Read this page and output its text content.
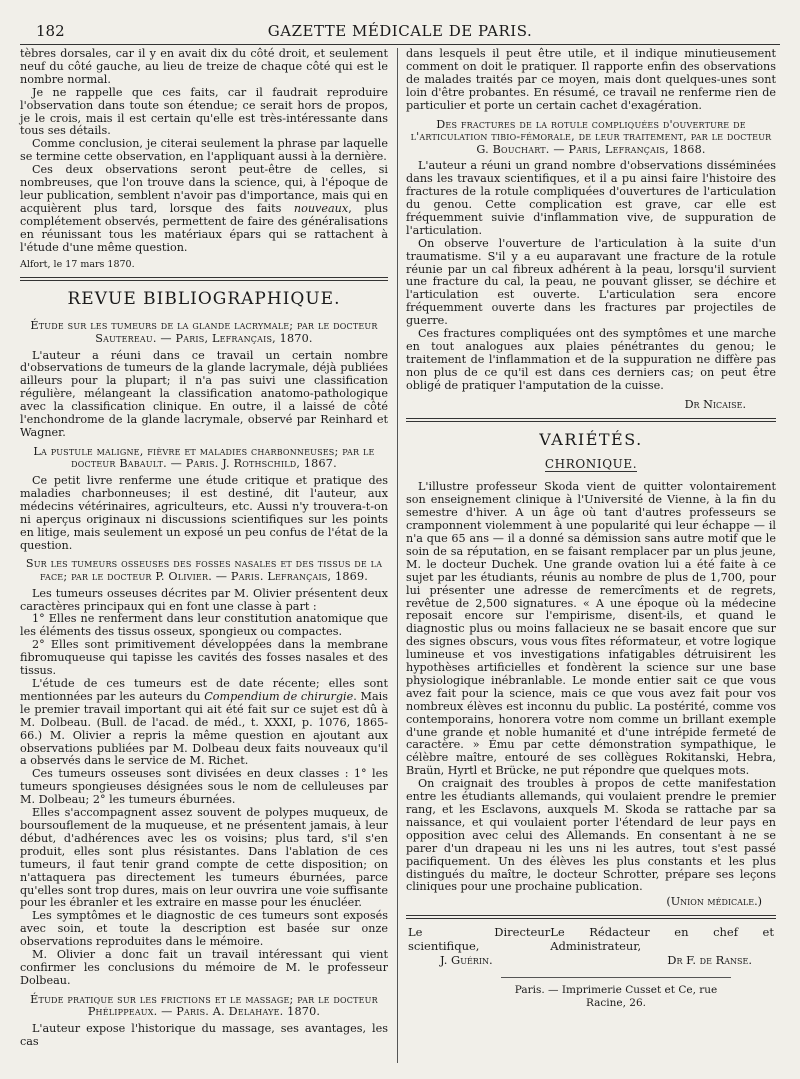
182	GAZETTE MÉDICALE DE PARIS.

tèbres dorsales, car il y en avait dix du côté droit, et seulement neuf du côté gauche, au lieu de treize de chaque côté qui est le nombre normal.

Je ne rappelle que ces faits, car il faudrait reproduire l'observation dans toute son étendue; ce serait hors de propos, je le crois, mais il est certain qu'elle est très-intéressante dans tous ses détails.

Comme conclusion, je citerai seulement la phrase par laquelle se termine cette observation, en l'appliquant aussi à la dernière.

Ces deux observations seront peut-être de celles, si nombreuses, que l'on trouve dans la science, qui, à l'époque de leur publication, semblent n'avoir pas d'importance, mais qui en acquièrent plus tard, lorsque des faits nouveaux, plus complétement observés, permettent de faire des généralisations en réunissant tous les matériaux épars qui se rattachent à l'étude d'une même question.

Alfort, le 17 mars 1870.
REVUE BIBLIOGRAPHIQUE.
Étude sur les tumeurs de la glande lacrymale; par le docteur Sautereau. — Paris, Lefrançais, 1870.

L'auteur a réuni dans ce travail un certain nombre d'observations de tumeurs de la glande lacrymale, déjà publiées ailleurs pour la plupart; il n'a pas suivi une classification régulière, mélangeant la classification anatomo-pathologique avec la classification clinique. En outre, il a laissé de côté l'enchondrome de la glande lacrymale, observé par Reinhard et Wagner.

La pustule maligne, fièvre et maladies charbonneuses; par le docteur Babault. — Paris. J. Rothschild, 1867.

Ce petit livre renferme une étude critique et pratique des maladies charbonneuses; il est destiné, dit l'auteur, aux médecins vétérinaires, agriculteurs, etc. Aussi n'y trouvera-t-on ni aperçus originaux ni discussions scientifiques sur les points en litige, mais seulement un exposé un peu confus de l'état de la question.

Sur les tumeurs osseuses des fosses nasales et des tissus de la face; par le docteur P. Olivier. — Paris. Lefrançais, 1869.

Les tumeurs osseuses décrites par M. Olivier présentent deux caractères principaux qui en font une classe à part :

1° Elles ne renferment dans leur constitution anatomique que les éléments des tissus osseux, spongieux ou compactes.

2° Elles sont primitivement développées dans la membrane fibromuqueuse qui tapisse les cavités des fosses nasales et des tissus.

L'étude de ces tumeurs est de date récente; elles sont mentionnées par les auteurs du Compendium de chirurgie. Mais le premier travail important qui ait été fait sur ce sujet est dû à M. Dolbeau. (Bull. de l'acad. de méd., t. XXXI, p. 1076, 1865-66.) M. Olivier a repris la même question en ajoutant aux observations publiées par M. Dolbeau deux faits nouveaux qu'il a observés dans le service de M. Richet.

Ces tumeurs osseuses sont divisées en deux classes : 1° les tumeurs spongieuses désignées sous le nom de celluleuses par M. Dolbeau; 2° les tumeurs éburnées.

Elles s'accompagnent assez souvent de polypes muqueux, de boursouflement de la muqueuse, et ne présentent jamais, à leur début, d'adhérences avec les os voisins; plus tard, s'il s'en produit, elles sont plus résistantes. Dans l'ablation de ces tumeurs, il faut tenir grand compte de cette disposition; on n'attaquera pas directement les tumeurs éburnées, parce qu'elles sont trop dures, mais on leur ouvrira une voie suffisante pour les ébranler et les extraire en masse pour les énucléer.

Les symptômes et le diagnostic de ces tumeurs sont exposés avec soin, et toute la description est basée sur onze observations reproduites dans le mémoire.

M. Olivier a donc fait un travail intéressant qui vient confirmer les conclusions du mémoire de M. le professeur Dolbeau.

Étude pratique sur les frictions et le massage; par le docteur Phélippeaux. — Paris. A. Delahaye. 1870.

L'auteur expose l'historique du massage, ses avantages, les cas

dans lesquels il peut être utile, et il indique minutieusement comment on doit le pratiquer. Il rapporte enfin des observations de malades traités par ce moyen, mais dont quelques-unes sont loin d'être probantes. En résumé, ce travail ne renferme rien de particulier et porte un certain cachet d'exagération.

Des fractures de la rotule compliquées d'ouverture de l'articulation tibio-fémorale, de leur traitement, par le docteur G. Bouchart. — Paris, Lefrançais, 1868.

L'auteur a réuni un grand nombre d'observations disséminées dans les travaux scientifiques, et il a pu ainsi faire l'histoire des fractures de la rotule compliquées d'ouvertures de l'articulation du genou. Cette complication est grave, car elle est fréquemment suivie d'inflammation vive, de suppuration de l'articulation.

On observe l'ouverture de l'articulation à la suite d'un traumatisme. S'il y a eu auparavant une fracture de la rotule réunie par un cal fibreux adhérent à la peau, lorsqu'il survient une fracture du cal, la peau, ne pouvant glisser, se déchire et l'articulation est ouverte. L'articulation sera encore fréquemment ouverte dans les fractures par projectiles de guerre.

Ces fractures compliquées ont des symptômes et une marche en tout analogues aux plaies pénétrantes du genou; le traitement de l'inflammation et de la suppuration ne diffère pas non plus de ce qu'il est dans ces derniers cas; on peut être obligé de pratiquer l'amputation de la cuisse.

Dr Nicaise.
VARIÉTÉS.
CHRONIQUE.

L'illustre professeur Skoda vient de quitter volontairement son enseignement clinique à l'Université de Vienne, à la fin du semestre d'hiver. A un âge où tant d'autres professeurs se cramponnent violemment à une popularité qui leur échappe — il n'a que 65 ans — il a donné sa démission sans autre motif que le soin de sa réputation, en se faisant remplacer par un plus jeune, M. le docteur Duchek. Une grande ovation lui a été faite à ce sujet par les étudiants, réunis au nombre de plus de 1,700, pour lui présenter une adresse de remercîments et de regrets, revêtue de 2,500 signatures. « A une époque où la médecine reposait encore sur l'empirisme, disent-ils, et quand le diagnostic plus ou moins fallacieux ne se basait encore que sur des signes obscurs, vous vous fîtes réformateur, et votre logique lumineuse et vos investigations infatigables détruisirent les hypothèses artificielles et fondèrent la science sur une base physiologique inébranlable. Le monde entier sait ce que vous avez fait pour la science, mais ce que vous avez fait pour vos nombreux élèves est inconnu du public. La postérité, comme vos contemporains, honorera votre nom comme un brillant exemple d'une grande et noble humanité et d'une intrépide fermeté de caractère. » Ému par cette démonstration sympathique, le célèbre maître, entouré de ses collègues Rokitanski, Hebra, Braün, Hyrtl et Brücke, ne put répondre que quelques mots.

On craignait des troubles à propos de cette manifestation entre les étudiants allemands, qui voulaient prendre le premier rang, et les Esclavons, auxquels M. Skoda se rattache par sa naissance, et qui voulaient porter l'étendard de leur pays en opposition avec celui des Allemands. En consentant à ne se parer d'un drapeau ni les uns ni les autres, tout s'est passé pacifiquement. Un des élèves les plus constants et les plus distingués du maître, le docteur Schrotter, prépare ses leçons cliniques pour une prochaine publication.

(Union médicale.)
Le Directeur scientifique,
Le Rédacteur en chef et Administrateur,
J. Guérin.	Dr F. de Ranse.
Paris. — Imprimerie Cusset et Ce, rue Racine, 26.
